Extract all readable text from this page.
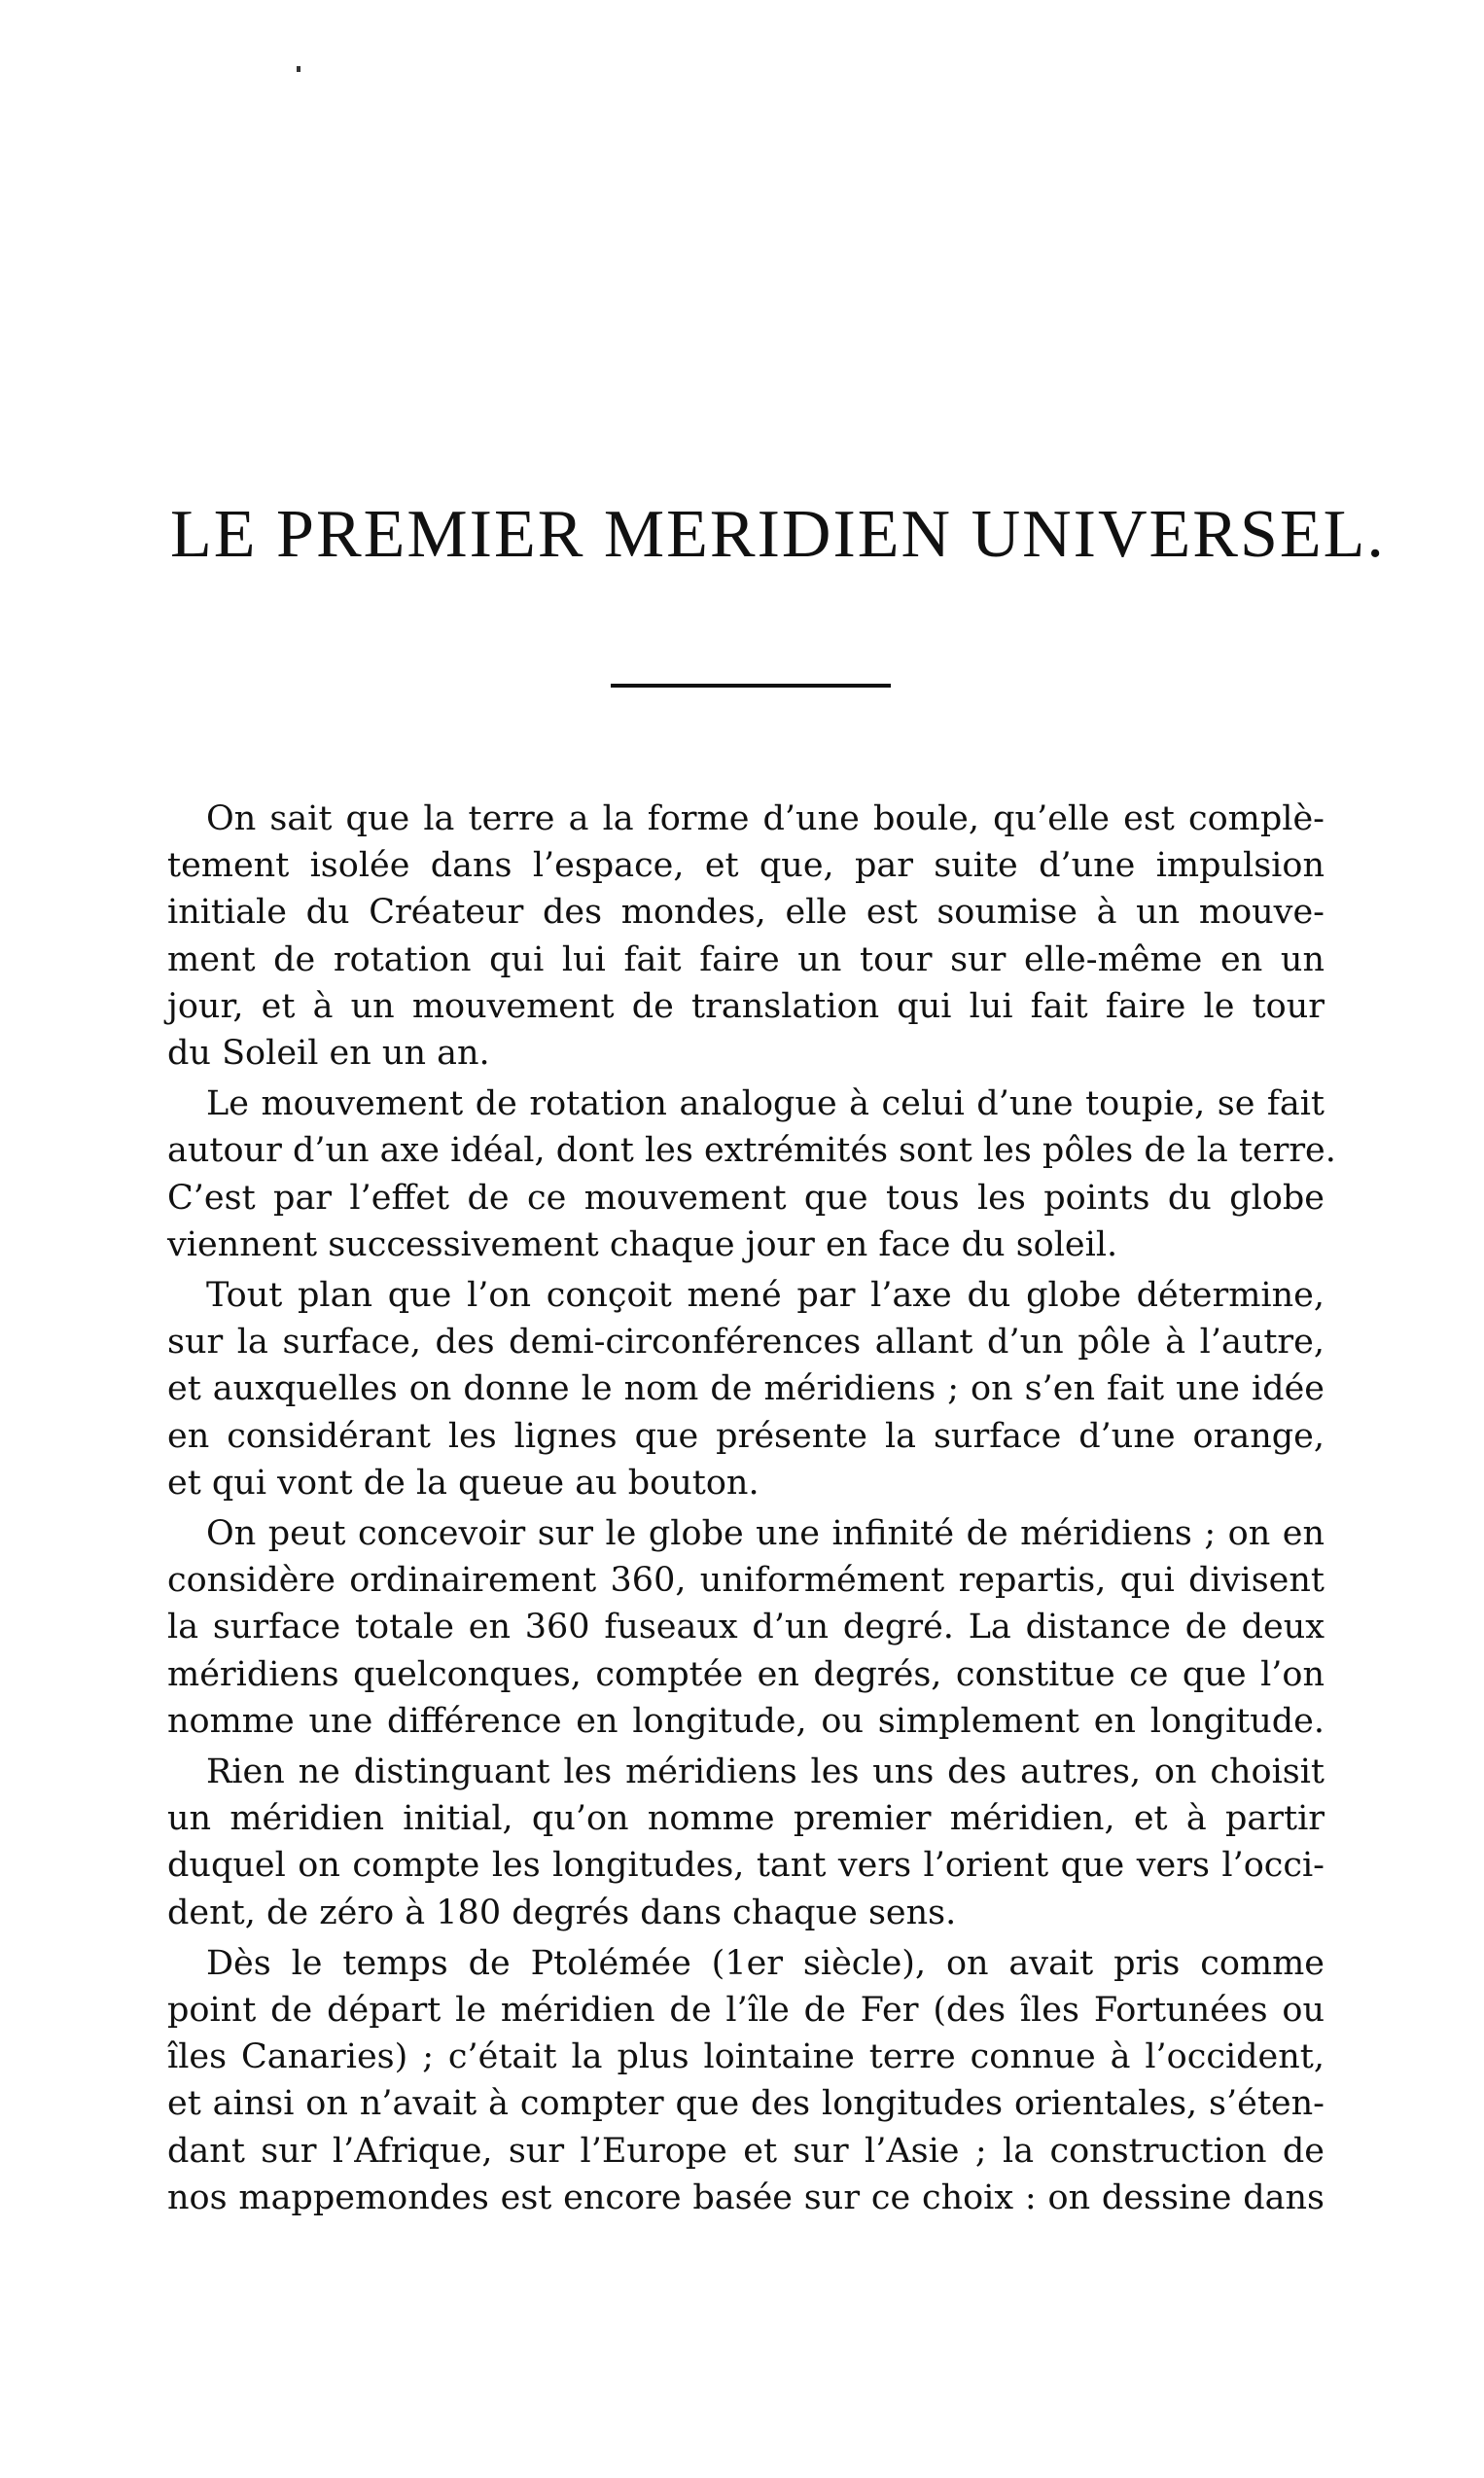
LE PREMIER MERIDIEN UNIVERSEL.

On sait que la terre a la forme d’une boule, qu’elle est complè-
tement isolée dans l’espace, et que, par suite d’une impulsion
initiale du Créateur des mondes, elle est soumise à un mouve-
ment de rotation qui lui fait faire un tour sur elle-même en un
jour, et à un mouvement de translation qui lui fait faire le tour
du Soleil en un an.

Le mouvement de rotation analogue à celui d’une toupie, se fait
autour d’un axe idéal, dont les extrémités sont les pôles de la terre.
C’est par l’effet de ce mouvement que tous les points du globe
viennent successivement chaque jour en face du soleil.

Tout plan que l’on conçoit mené par l’axe du globe détermine,
sur la surface, des demi-circonférences allant d’un pôle à l’autre,
et auxquelles on donne le nom de méridiens ; on s’en fait une idée
en considérant les lignes que présente la surface d’une orange,
et qui vont de la queue au bouton.

On peut concevoir sur le globe une infinité de méridiens ; on en
considère ordinairement 360, uniformément repartis, qui divisent
la surface totale en 360 fuseaux d’un degré. La distance de deux
méridiens quelconques, comptée en degrés, constitue ce que l’on
nomme une différence en longitude, ou simplement en longitude.

Rien ne distinguant les méridiens les uns des autres, on choisit
un méridien initial, qu’on nomme premier méridien, et à partir
duquel on compte les longitudes, tant vers l’orient que vers l’occi-
dent, de zéro à 180 degrés dans chaque sens.

Dès le temps de Ptolémée (1er siècle), on avait pris comme
point de départ le méridien de l’île de Fer (des îles Fortunées ou
îles Canaries) ; c’était la plus lointaine terre connue à l’occident,
et ainsi on n’avait à compter que des longitudes orientales, s’éten-
dant sur l’Afrique, sur l’Europe et sur l’Asie ; la construction de
nos mappemondes est encore basée sur ce choix : on dessine dans
